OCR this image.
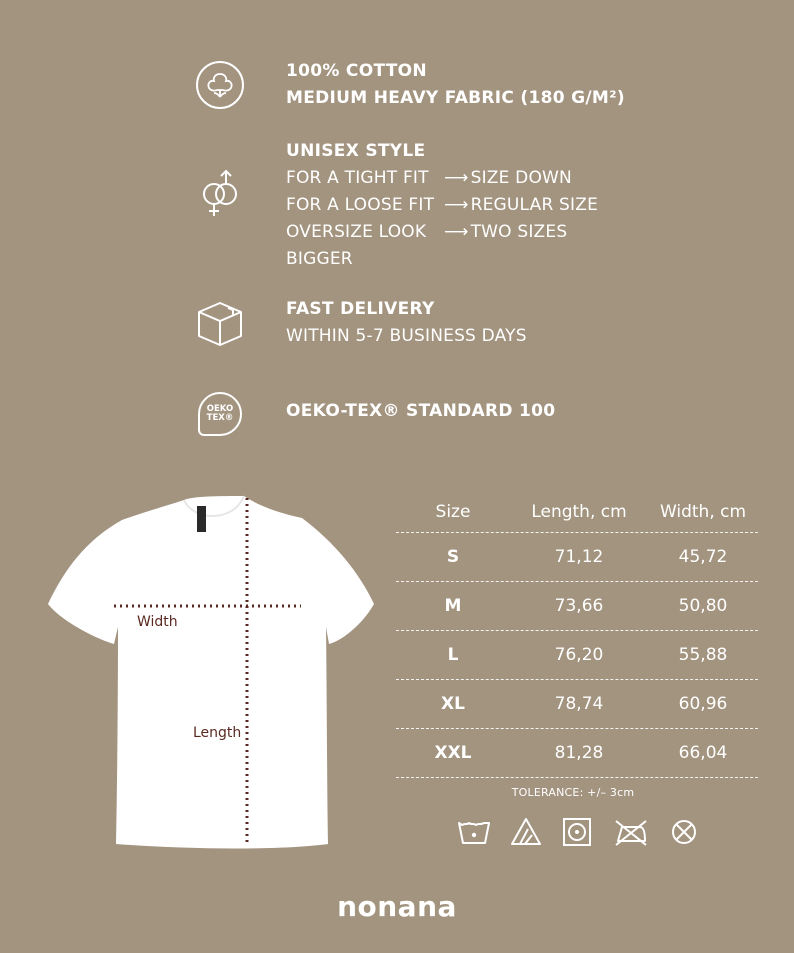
100% COTTON
MEDIUM HEAVY FABRIC (180 G/M²)
UNISEX STYLE
FOR A TIGHT FIT ⟶ SIZE DOWN
FOR A LOOSE FIT ⟶ REGULAR SIZE
OVERSIZE LOOK	⟶ TWO SIZES
BIGGER
FAST DELIVERY
WITHIN 5-7 BUSINESS DAYS
OEKO
TEX®	OEKO-TEX® STANDARD 100
Width
Length
Size	Length, cm	Width, cm
S	71,12	45,72
M	73,66	50,80
L	76,20	55,88
XL	78,74	60,96
XXL	81,28	66,04
TOLERANCE: +/– 3cm
nonana
